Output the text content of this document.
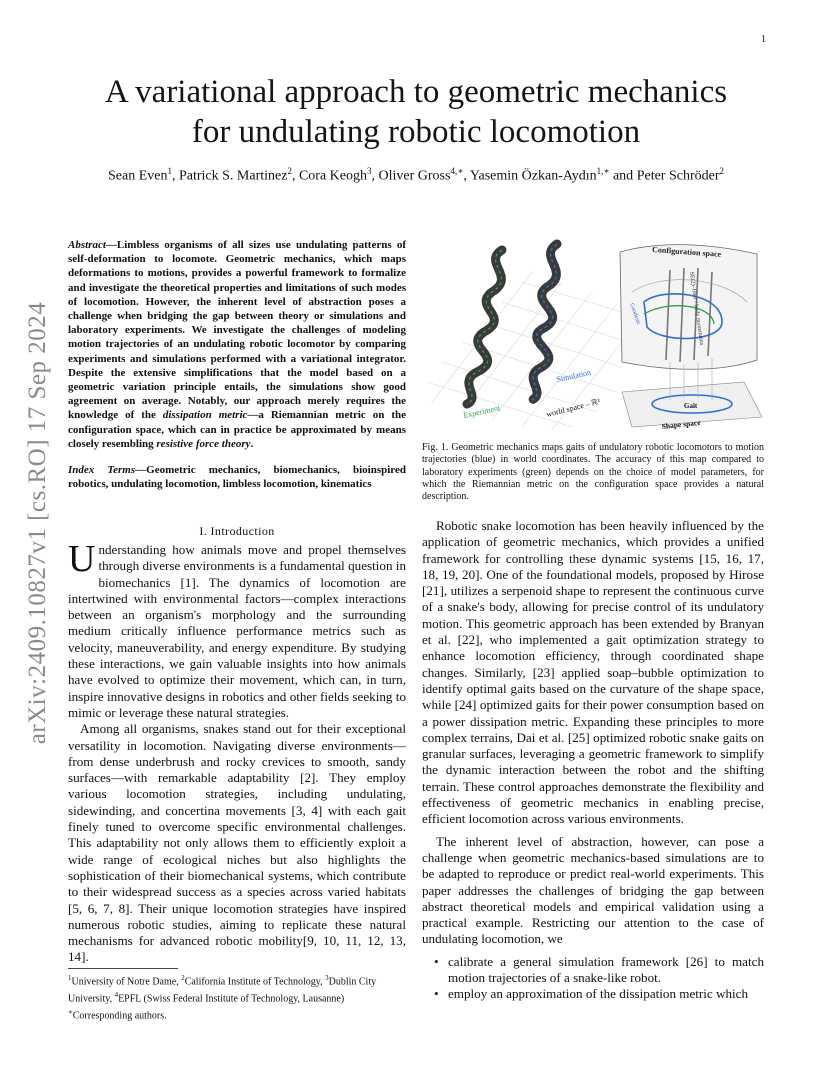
1
arXiv:2409.10827v1 [cs.RO] 17 Sep 2024
A variational approach to geometric mechanics
for undulating robotic locomotion
Sean Even$^1$, Patrick S. Martinez$^2$, Cora Keogh$^3$, Oliver Gross$^{4,∗}$, Yasemin Özkan-Aydın$^{1,∗}$ and Peter Schröder$^2$
Abstract—Limbless organisms of all sizes use undulating patterns of self-deformation to locomote. Geometric mechanics, which maps deformations to motions, provides a powerful framework to formalize and investigate the theoretical properties and limitations of such modes of locomotion. However, the inherent level of abstraction poses a challenge when bridging the gap between theory or simulations and laboratory experiments. We investigate the challenges of modeling motion trajectories of an undulating robotic locomotor by comparing experiments and simulations performed with a variational integrator. Despite the extensive simplifications that the model based on a geometric variation principle entails, the simulations show good agreement on average. Notably, our approach merely requires the knowledge of the dissipation metric—a Riemannian metric on the configuration space, which can in practice be approximated by means closely resembling resistive force theory.
Index Terms—Geometric mechanics, biomechanics, bioinspired robotics, undulating locomotion, limbless locomotion, kinematics
I. Introduction

Understanding how animals move and propel themselves through diverse environments is a fundamental question in biomechanics [1]. The dynamics of locomotion are intertwined with environmental factors—complex interactions between an organism's morphology and the surrounding medium critically influence performance metrics such as velocity, maneuverability, and energy expenditure. By studying these interactions, we gain valuable insights into how animals have evolved to optimize their movement, which can, in turn, inspire innovative designs in robotics and other fields seeking to mimic or leverage these natural strategies.

Among all organisms, snakes stand out for their exceptional versatility in locomotion. Navigating diverse environments—from dense underbrush and rocky crevices to smooth, sandy surfaces—with remarkable adaptability [2]. They employ various locomotion strategies, including undulating, sidewinding, and concertina movements [3, 4] with each gait finely tuned to overcome specific environmental challenges. This adaptability not only allows them to efficiently exploit a wide range of ecological niches but also highlights the sophistication of their biomechanical systems, which contribute to their widespread success as a species across varied habitats [5, 6, 7, 8]. Their unique locomotion strategies have inspired numerous robotic studies, aiming to replicate these natural mechanisms for advanced robotic mobility[9, 10, 11, 12, 13, 14].

$^1$University of Notre Dame, $^2$California Institute of Technology, $^3$Dublin City University, $^4$EPFL (Swiss Federal Institute of Technology, Lausanne)
∗Corresponding authors.
Simulation
Experiment	world space – ℝ²
Configuration space
Geodesic	SE(2)–fiber / body movements
Gait
Shape space
Fig. 1. Geometric mechanics maps gaits of undulatory robotic locomotors to motion trajectories (blue) in world coordinates. The accuracy of this map compared to laboratory experiments (green) depends on the choice of model parameters, for which the Riemannian metric on the configuration space provides a natural description.

Robotic snake locomotion has been heavily influenced by the application of geometric mechanics, which provides a unified framework for controlling these dynamic systems [15, 16, 17, 18, 19, 20]. One of the foundational models, proposed by Hirose [21], utilizes a serpenoid shape to represent the continuous curve of a snake's body, allowing for precise control of its undulatory motion. This geometric approach has been extended by Branyan et al. [22], who implemented a gait optimization strategy to enhance locomotion efficiency, through coordinated shape changes. Similarly, [23] applied soap–bubble optimization to identify optimal gaits based on the curvature of the shape space, while [24] optimized gaits for their power consumption based on a power dissipation metric. Expanding these principles to more complex terrains, Dai et al. [25] optimized robotic snake gaits on granular surfaces, leveraging a geometric framework to simplify the dynamic interaction between the robot and the shifting terrain. These control approaches demonstrate the flexibility and effectiveness of geometric mechanics in enabling precise, efficient locomotion across various environments.

The inherent level of abstraction, however, can pose a challenge when geometric mechanics-based simulations are to be adapted to reproduce or predict real-world experiments. This paper addresses the challenges of bridging the gap between abstract theoretical models and empirical validation using a practical example. Restricting our attention to the case of undulating locomotion, we

• calibrate a general simulation framework [26] to match motion trajectories of a snake-like robot.
• employ an approximation of the dissipation metric which
